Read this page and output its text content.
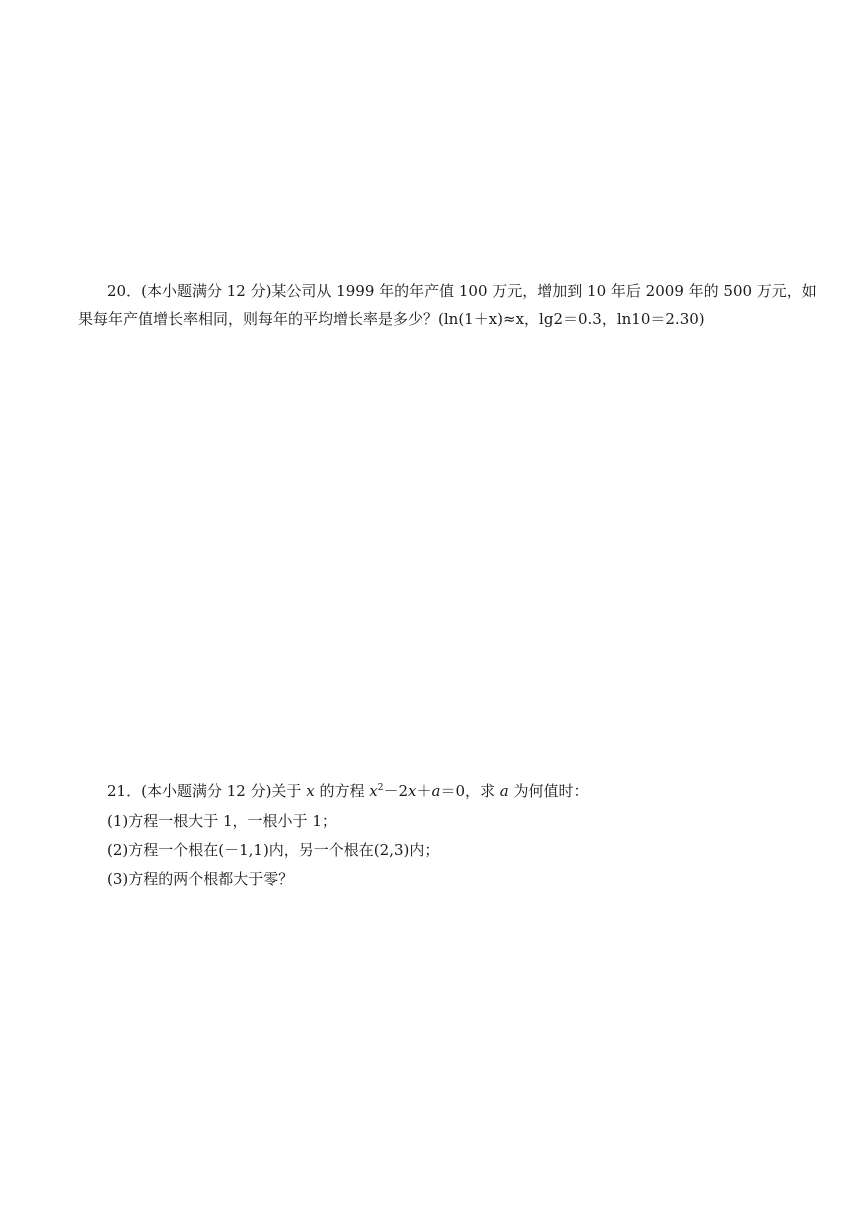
20．(本小题满分 12 分)某公司从 1999 年的年产值 100 万元，增加到 10 年后 2009 年的 500 万元，如
果每年产值增长率相同，则每年的平均增长率是多少？(ln(1＋x)≈x，lg2＝0.3，ln10＝2.30)
21．(本小题满分 12 分)关于 x 的方程 $x^2-2x+a=0$，求 a 为何值时：
(1)方程一根大于 1，一根小于 1；
(2)方程一个根在(－1,1)内，另一个根在(2,3)内；
(3)方程的两个根都大于零？
